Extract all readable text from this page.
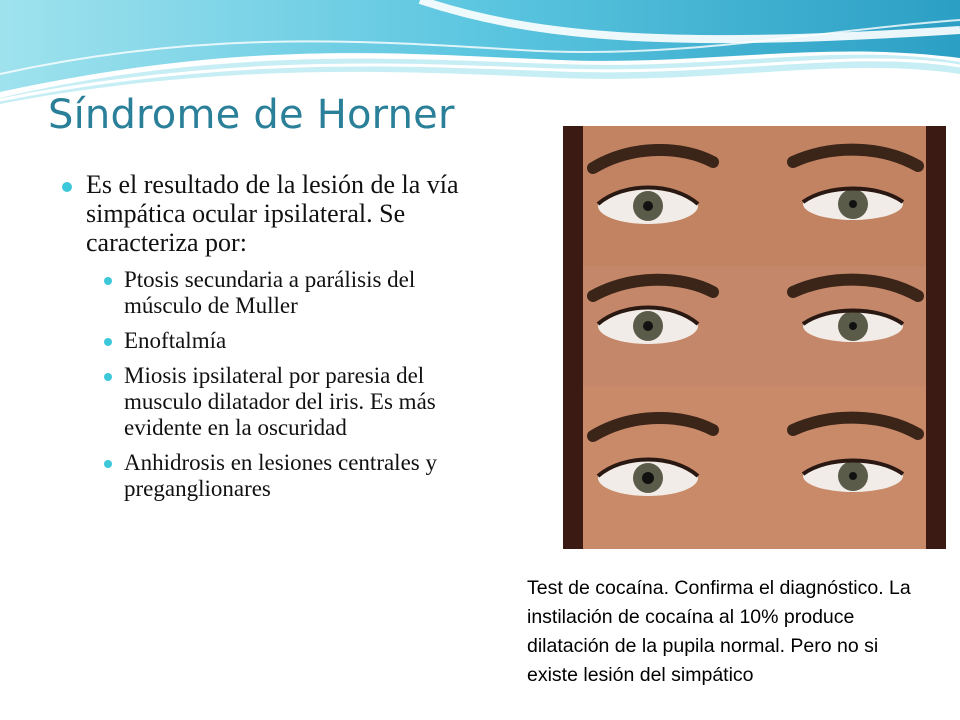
Síndrome de Horner
Es el resultado de la lesión de la vía simpática ocular ipsilateral. Se caracteriza por:
Ptosis secundaria a parálisis del músculo de Muller
Enoftalmía
Miosis ipsilateral por paresia del musculo dilatador del iris. Es más evidente en la oscuridad
Anhidrosis en lesiones centrales y preganglionares
Test de cocaína. Confirma el diagnóstico. La instilación de cocaína al 10% produce dilatación de la pupila normal. Pero no si existe lesión del simpático
